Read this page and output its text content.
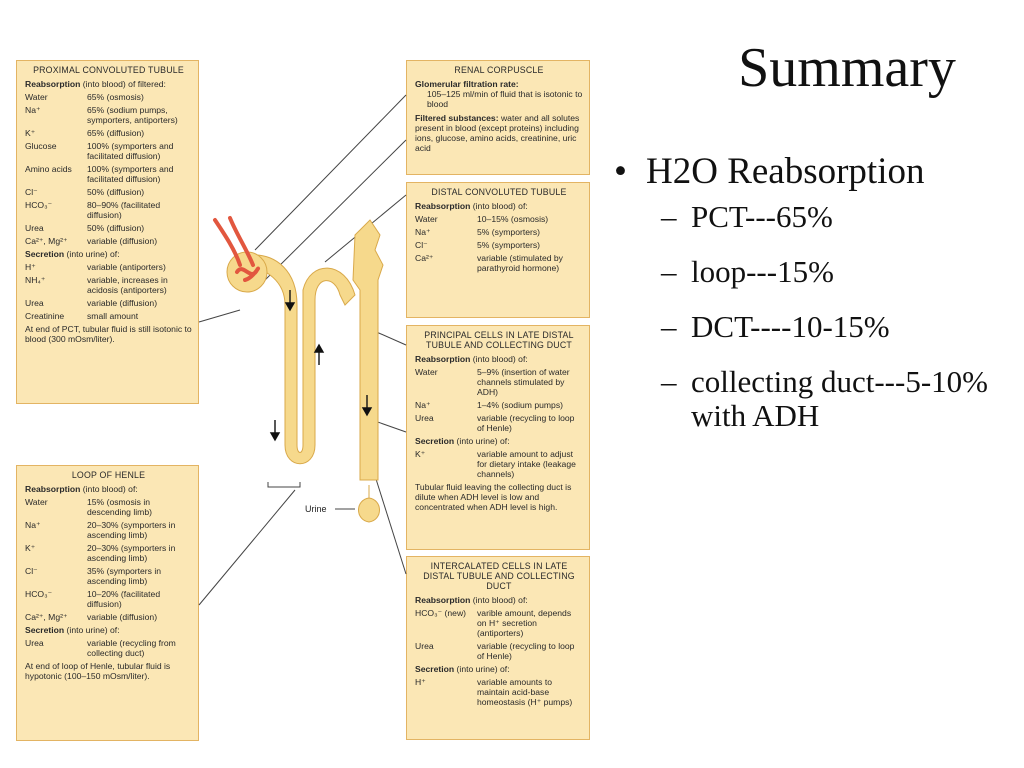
PROXIMAL CONVOLUTED TUBULE
Reabsorption (into blood) of filtered:
Water	65% (osmosis)
Na⁺	65% (sodium pumps, symporters, antiporters)
K⁺	65% (diffusion)
Glucose	100% (symporters and facilitated diffusion)
Amino acids	100% (symporters and facilitated diffusion)
Cl⁻	50% (diffusion)
HCO₃⁻	80–90% (facilitated diffusion)
Urea	50% (diffusion)
Ca²⁺, Mg²⁺	variable (diffusion)
Secretion (into urine) of:
H⁺	variable (antiporters)
NH₄⁺	variable, increases in acidosis (antiporters)
Urea	variable (diffusion)
Creatinine	small amount
At end of PCT, tubular fluid is still isotonic to blood (300 mOsm/liter).
LOOP OF HENLE
Reabsorption (into blood) of:
Water	15% (osmosis in descending limb)
Na⁺	20–30% (symporters in ascending limb)
K⁺	20–30% (symporters in ascending limb)
Cl⁻	35% (symporters in ascending limb)
HCO₃⁻	10–20% (facilitated diffusion)
Ca²⁺, Mg²⁺	variable (diffusion)
Secretion (into urine) of:
Urea	variable (recycling from collecting duct)
At end of loop of Henle, tubular fluid is hypotonic (100–150 mOsm/liter).
RENAL CORPUSCLE
Glomerular filtration rate:
105–125 ml/min of fluid that is isotonic to blood
Filtered substances: water and all solutes present in blood (except proteins) including ions, glucose, amino acids, creatinine, uric acid
DISTAL CONVOLUTED TUBULE
Reabsorption (into blood) of:
Water	10–15% (osmosis)
Na⁺	5% (symporters)
Cl⁻	5% (symporters)
Ca²⁺	variable (stimulated by parathyroid hormone)
PRINCIPAL CELLS IN LATE DISTAL TUBULE AND COLLECTING DUCT
Reabsorption (into blood) of:
Water	5–9% (insertion of water channels stimulated by ADH)
Na⁺	1–4% (sodium pumps)
Urea	variable (recycling to loop of Henle)
Secretion (into urine) of:
K⁺	variable amount to adjust for dietary intake (leakage channels)
Tubular fluid leaving the collecting duct is dilute when ADH level is low and concentrated when ADH level is high.
INTERCALATED CELLS IN LATE DISTAL TUBULE AND COLLECTING DUCT
Reabsorption (into blood) of:
HCO₃⁻ (new)	varible amount, depends on H⁺ secretion (antiporters)
Urea	variable (recycling to loop of Henle)
Secretion (into urine) of:
H⁺	variable amounts to maintain acid-base homeostasis (H⁺ pumps)
Urine
Summary
• H2O Reabsorption
– PCT---65%
– loop---15%
– DCT----10-15%
– collecting duct---5-10% with ADH
